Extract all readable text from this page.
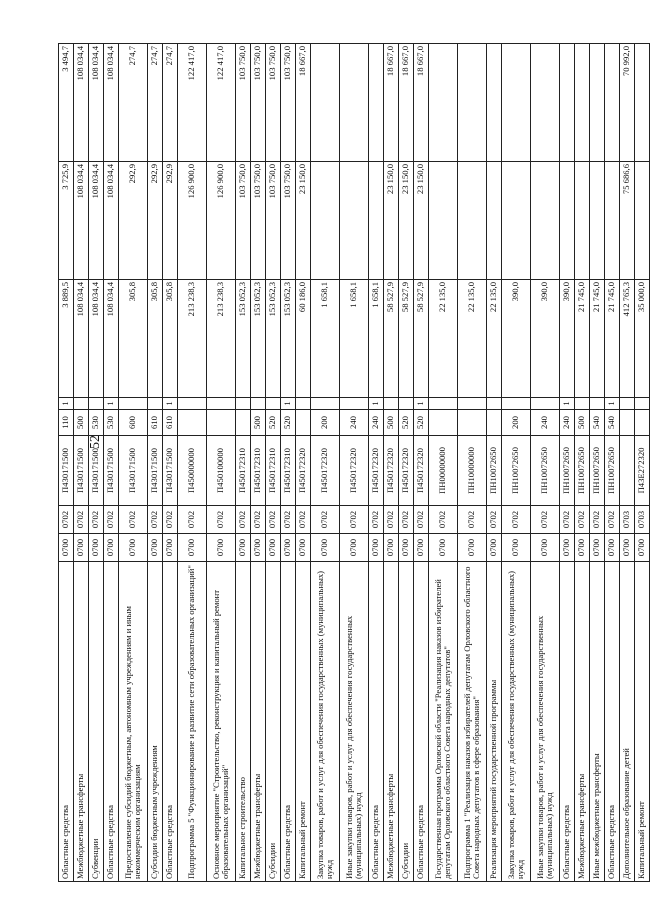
52
Областные средства	0700	0702	П430171500	110	1	3 889,5	3 725,9	3 494,7
Межбюджетные трансферты	0700	0702	П430171500	500		108 034,4	108 034,4	108 034,4
Субвенции	0700	0702	П430171500	530		108 034,4	108 034,4	108 034,4
Областные средства	0700	0702	П430171500	530	1	108 034,4	108 034,4	108 034,4
Предоставление субсидий бюджетным, автономным учреждениям и иным некоммерческим организациям	0700	0702	П430171500	600		305,8	292,9	274,7
Субсидии бюджетным учреждениям	0700	0702	П430171500	610		305,8	292,9	274,7
Областные средства	0700	0702	П430171500	610	1	305,8	292,9	274,7
Подпрограмма 5 "Функционирование и развитие сети образовательных организаций"	0700	0702	П450000000			213 238,3	126 900,0	122 417,0
Основное мероприятие "Строительство, реконструкция и капитальный ремонт образовательных организаций"	0700	0702	П450100000			213 238,3	126 900,0	122 417,0
Капитальное строительство	0700	0702	П450172310			153 052,3	103 750,0	103 750,0
Межбюджетные трансферты	0700	0702	П450172310	500		153 052,3	103 750,0	103 750,0
Субсидии	0700	0702	П450172310	520		153 052,3	103 750,0	103 750,0
Областные средства	0700	0702	П450172310	520	1	153 052,3	103 750,0	103 750,0
Капитальный ремонт	0700	0702	П450172320			60 186,0	23 150,0	18 667,0
Закупка товаров, работ и услуг для обеспечения государственных (муниципальных) нужд	0700	0702	П450172320	200		1 658,1		
Иные закупки товаров, работ и услуг для обеспечения государственных (муниципальных) нужд	0700	0702	П450172320	240		1 658,1		
Областные средства	0700	0702	П450172320	240	1	1 658,1		
Межбюджетные трансферты	0700	0702	П450172320	500		58 527,9	23 150,0	18 667,0
Субсидии	0700	0702	П450172320	520		58 527,9	23 150,0	18 667,0
Областные средства	0700	0702	П450172320	520	1	58 527,9	23 150,0	18 667,0
Государственная программа Орловской области "Реализация наказов избирателей депутатам Орловского областного Совета народных депутатов"	0700	0702	ПН00000000			22 135,0		
Подпрограмма 1 "Реализация наказов избирателей депутатам Орловского областного Совета народных депутатов в сфере образования"	0700	0702	ПН10000000			22 135,0		
Реализация мероприятий государственной программы	0700	0702	ПН10072650			22 135,0		
Закупка товаров, работ и услуг для обеспечения государственных (муниципальных) нужд	0700	0702	ПН10072650	200		390,0		
Иные закупки товаров, работ и услуг для обеспечения государственных (муниципальных) нужд	0700	0702	ПН10072650	240		390,0		
Областные средства	0700	0702	ПН10072650	240	1	390,0		
Межбюджетные трансферты	0700	0702	ПН10072650	500		21 745,0		
Иные межбюджетные трансферты	0700	0702	ПН10072650	540		21 745,0		
Областные средства	0700	0702	ПН10072650	540	1	21 745,0		
Дополнительное образование детей	0700	0703				412 765,3	75 686,6	70 992,0
Капитальный ремонт	0700	0703	П43Е272320			35 000,0		
